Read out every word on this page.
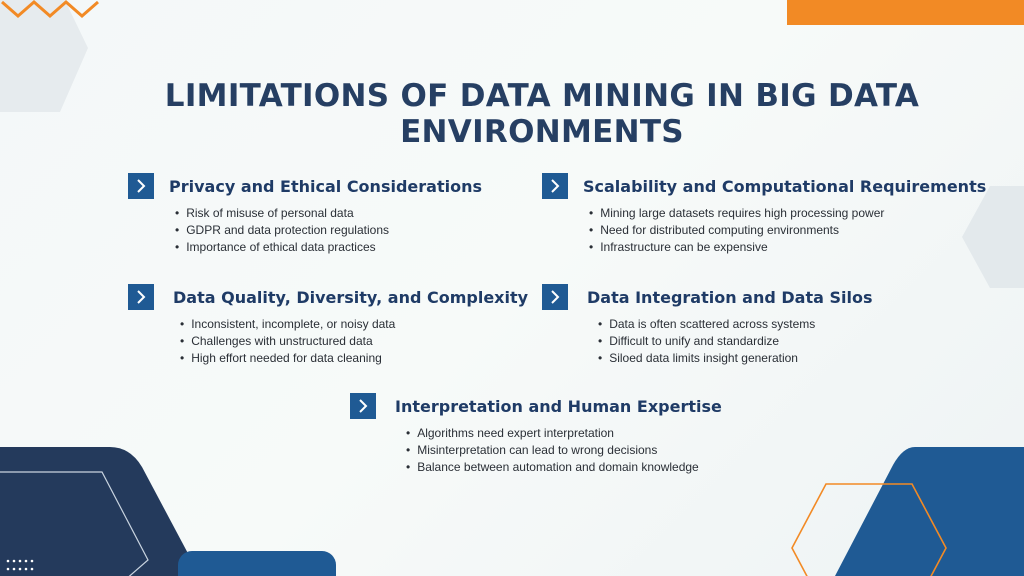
LIMITATIONS OF DATA MINING IN BIG DATA ENVIRONMENTS
Privacy and Ethical Considerations
• Risk of misuse of personal data
• GDPR and data protection regulations
• Importance of ethical data practices
Scalability and Computational Requirements
• Mining large datasets requires high processing power
• Need for distributed computing environments
• Infrastructure can be expensive
Data Quality, Diversity, and Complexity
• Inconsistent, incomplete, or noisy data
• Challenges with unstructured data
• High effort needed for data cleaning
Data Integration and Data Silos
• Data is often scattered across systems
• Difficult to unify and standardize
• Siloed data limits insight generation
Interpretation and Human Expertise
• Algorithms need expert interpretation
• Misinterpretation can lead to wrong decisions
• Balance between automation and domain knowledge
